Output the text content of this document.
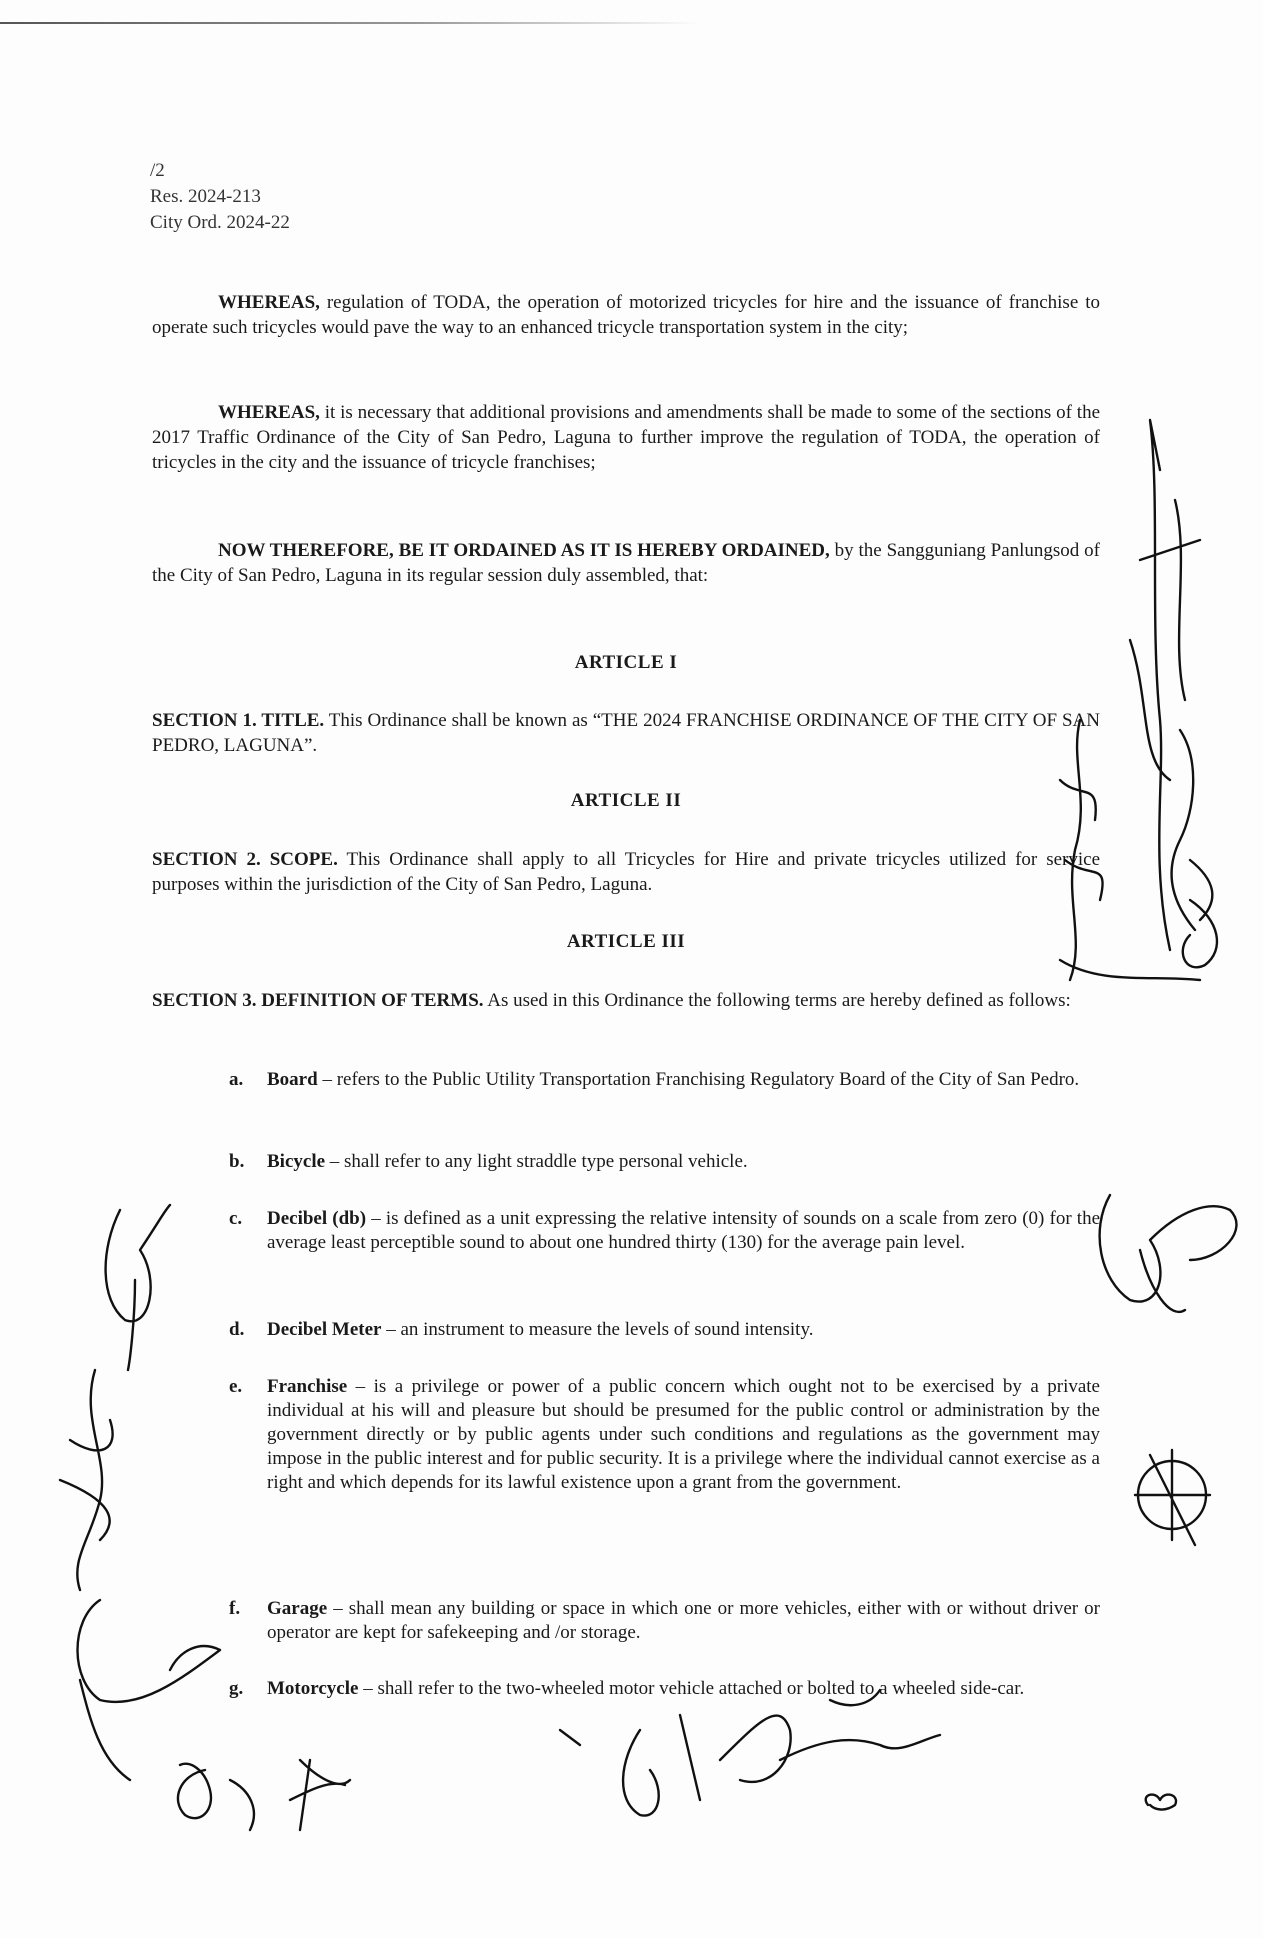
/2
Res. 2024-213
City Ord. 2024-22
WHEREAS, regulation of TODA, the operation of motorized tricycles for hire and the issuance of franchise to operate such tricycles would pave the way to an enhanced tricycle transportation system in the city;
WHEREAS, it is necessary that additional provisions and amendments shall be made to some of the sections of the 2017 Traffic Ordinance of the City of San Pedro, Laguna to further improve the regulation of TODA, the operation of tricycles in the city and the issuance of tricycle franchises;
NOW THEREFORE, BE IT ORDAINED AS IT IS HEREBY ORDAINED, by the Sangguniang Panlungsod of the City of San Pedro, Laguna in its regular session duly assembled, that:
ARTICLE I
SECTION 1. TITLE. This Ordinance shall be known as “THE 2024 FRANCHISE ORDINANCE OF THE CITY OF SAN PEDRO, LAGUNA”.
ARTICLE II
SECTION 2. SCOPE. This Ordinance shall apply to all Tricycles for Hire and private tricycles utilized for service purposes within the jurisdiction of the City of San Pedro, Laguna.
ARTICLE III
SECTION 3. DEFINITION OF TERMS. As used in this Ordinance the following terms are hereby defined as follows:
a. Board – refers to the Public Utility Transportation Franchising Regulatory Board of the City of San Pedro.
b. Bicycle – shall refer to any light straddle type personal vehicle.
c. Decibel (db) – is defined as a unit expressing the relative intensity of sounds on a scale from zero (0) for the average least perceptible sound to about one hundred thirty (130) for the average pain level.
d. Decibel Meter – an instrument to measure the levels of sound intensity.
e. Franchise – is a privilege or power of a public concern which ought not to be exercised by a private individual at his will and pleasure but should be presumed for the public control or administration by the government directly or by public agents under such conditions and regulations as the government may impose in the public interest and for public security. It is a privilege where the individual cannot exercise as a right and which depends for its lawful existence upon a grant from the government.
f. Garage – shall mean any building or space in which one or more vehicles, either with or without driver or operator are kept for safekeeping and /or storage.
g. Motorcycle – shall refer to the two-wheeled motor vehicle attached or bolted to a wheeled side-car.
